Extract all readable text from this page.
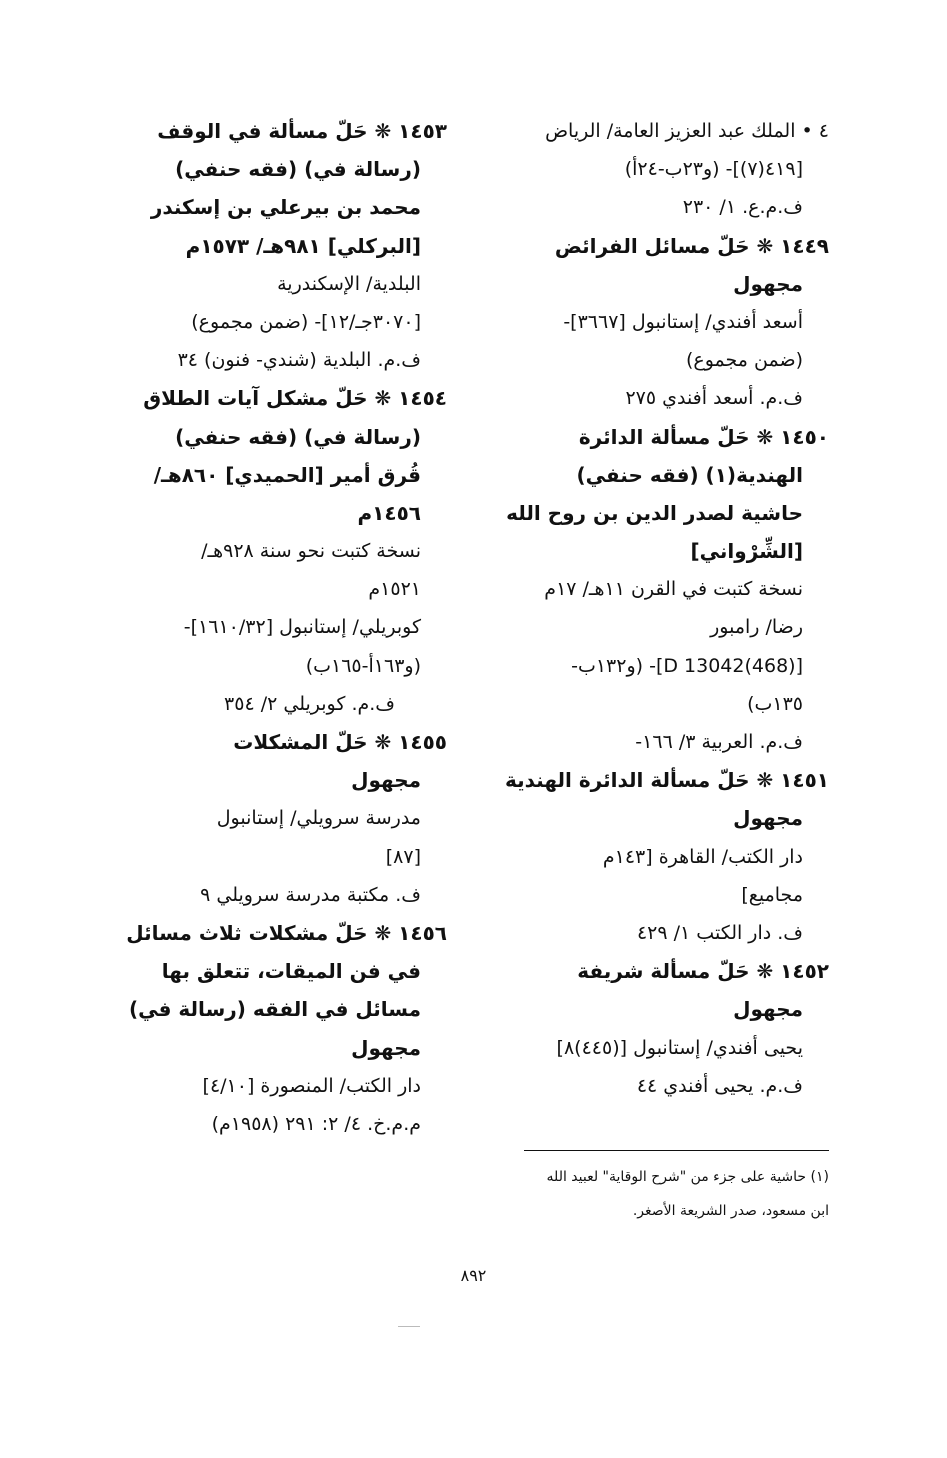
٤ • الملك عبد العزيز العامة/ الرياض
[٤١٩(٧)]- (و٢٣ب-٢٤أ)
ف.م.ع. ١/ ٢٣٠
١٤٤٩ ❋ حَلّ مسائل الفرائض
مجهول
أسعد أفندي/ إستانبول [٣٦٦٧]-
(ضمن مجموع)
ف.م. أسعد أفندي ٢٧٥
١٤٥٠ ❋ حَلّ مسألة الدائرة
الهندية(١) (فقه حنفي)
حاشية لصدر الدين بن روح الله
[الشِّرْواني]
نسخة كتبت في القرن ١١هـ/ ١٧م
رضا/ رامبور
[D 13042(468)]- (و١٣٢ب-
١٣٥ب)
ف.م. العربية ٣/ ١٦٦-
١٤٥١ ❋ حَلّ مسألة الدائرة الهندية
مجهول
دار الكتب/ القاهرة [١٤٣م
مجاميع]
ف. دار الكتب ١/ ٤٢٩
١٤٥٢ ❋ حَلّ مسألة شريفة
مجهول
يحيى أفندي/ إستانبول [(٤٤٥)٨]
ف.م. يحيى أفندي ٤٤
١٤٥٣ ❋ حَلّ مسألة في الوقف
(رسالة في) (فقه حنفي)
محمد بن بيرعلي بن إسكندر
[البركلي] ٩٨١هـ/ ١٥٧٣م
البلدية/ الإسكندرية
[٣٠٧٠جـ/١٢]- (ضمن مجموع)
ف.م. البلدية (شندي- فنون) ٣٤
١٤٥٤ ❋ حَلّ مشكل آيات الطلاق
(رسالة في) (فقه حنفي)
قُرق أمير [الحميدي] ٨٦٠هـ/
١٤٥٦م
نسخة كتبت نحو سنة ٩٢٨هـ/
١٥٢١م
كوبريلي/ إستانبول [١٦١٠/٣٢]-
(و١٦٣أ-١٦٥ب)
ف.م. كوبريلي ٢/ ٣٥٤
١٤٥٥ ❋ حَلّ المشكلات
مجهول
مدرسة سرويلي/ إستانبول
[٨٧]
ف. مكتبة مدرسة سرويلي ٩
١٤٥٦ ❋ حَلّ مشكلات ثلاث مسائل
في فن الميقات، تتعلق بها
مسائل في الفقه (رسالة في)
مجهول
دار الكتب/ المنصورة [٤/١٠]
م.م.خ. ٤/ ٢: ٢٩١ (١٩٥٨م)
(١) حاشية على جزء من "شرح الوقاية" لعبيد الله
ابن مسعود، صدر الشريعة الأصغر.
٨٩٢
